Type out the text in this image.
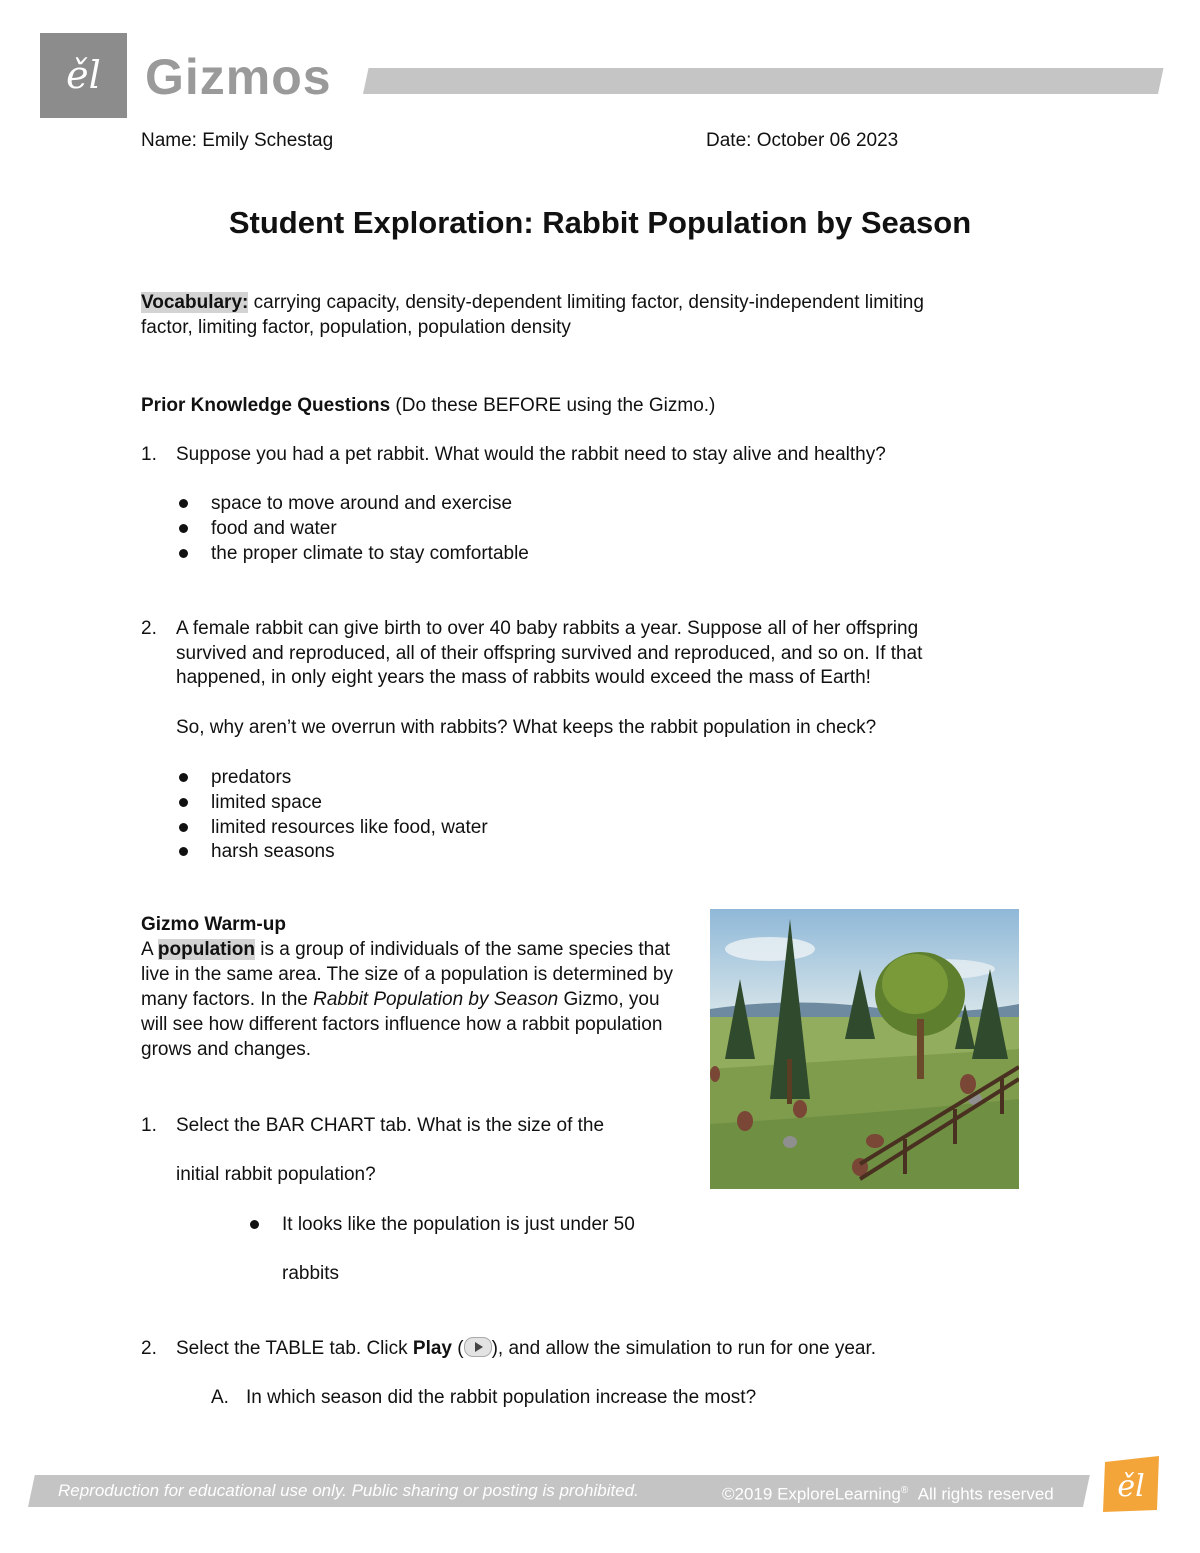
ěl Gizmos
Name: Emily Schestag	Date: October 06 2023
Student Exploration: Rabbit Population by Season
Vocabulary: carrying capacity, density-dependent limiting factor, density-independent limiting
factor, limiting factor, population, population density
Prior Knowledge Questions (Do these BEFORE using the Gizmo.)
1. Suppose you had a pet rabbit. What would the rabbit need to stay alive and healthy?
space to move around and exercise
food and water
the proper climate to stay comfortable
2. A female rabbit can give birth to over 40 baby rabbits a year. Suppose all of her offspring
survived and reproduced, all of their offspring survived and reproduced, and so on. If that
happened, in only eight years the mass of rabbits would exceed the mass of Earth!
So, why aren’t we overrun with rabbits? What keeps the rabbit population in check?
predators
limited space
limited resources like food, water
harsh seasons
Gizmo Warm-up
A population is a group of individuals of the same species that live in the same area. The size of a population is determined by many factors. In the Rabbit Population by Season Gizmo, you will see how different factors influence how a rabbit population grows and changes.
1. Select the BAR CHART tab. What is the size of the
initial rabbit population?
It looks like the population is just under 50
rabbits
2. Select the TABLE tab. Click Play ( ), and allow the simulation to run for one year.
A. In which season did the rabbit population increase the most?
Reproduction for educational use only. Public sharing or posting is prohibited.	©2019 ExploreLearning® All rights reserved ěl
